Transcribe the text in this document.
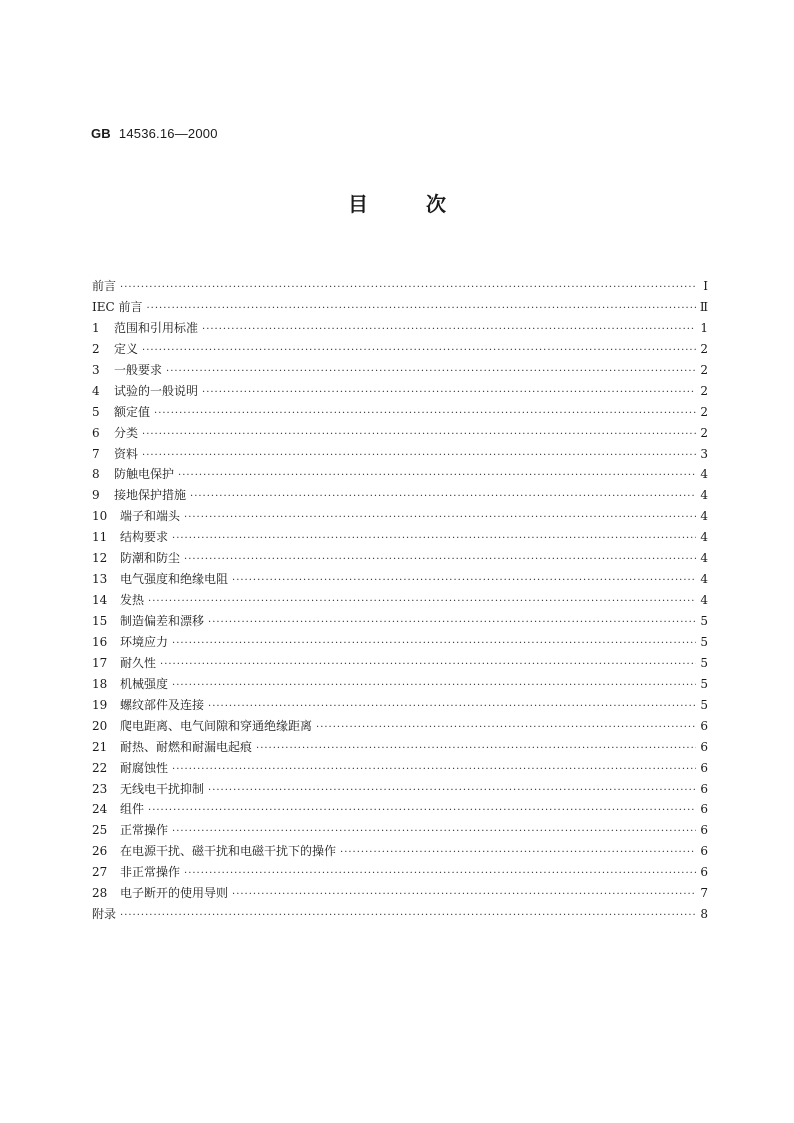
GB 14536.16—2000
目	次
前言 ·····	Ⅰ
IEC 前言 ·····	Ⅱ
1	范围和引用标准 ·····	1
2	定义 ·····	2
3	一般要求 ·····	2
4	试验的一般说明 ·····	2
5	额定值 ·····	2
6	分类 ·····	2
7	资料 ·····	3
8	防触电保护 ·····	4
9	接地保护措施 ·····	4
10	端子和端头 ·····	4
11	结构要求 ·····	4
12	防潮和防尘 ·····	4
13	电气强度和绝缘电阻 ·····	4
14	发热 ·····	4
15	制造偏差和漂移 ·····	5
16	环境应力 ·····	5
17	耐久性 ·····	5
18	机械强度 ·····	5
19	螺纹部件及连接 ·····	5
20	爬电距离、电气间隙和穿通绝缘距离 ·····	6
21	耐热、耐燃和耐漏电起痕 ·····	6
22	耐腐蚀性 ·····	6
23	无线电干扰抑制 ·····	6
24	组件 ·····	6
25	正常操作 ·····	6
26	在电源干扰、磁干扰和电磁干扰下的操作 ·····	6
27	非正常操作 ·····	6
28	电子断开的使用导则 ·····	7
附录 ·····	8
